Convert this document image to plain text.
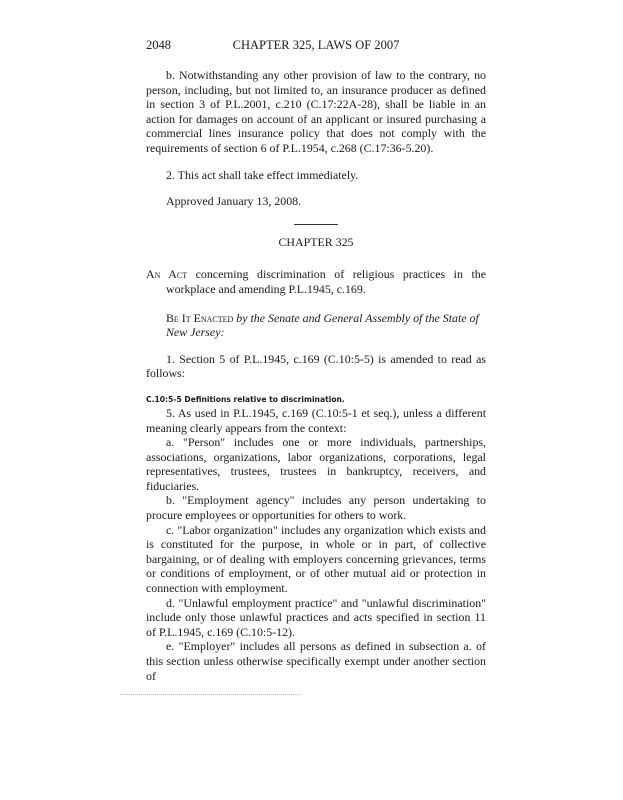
2048	CHAPTER 325, LAWS OF 2007

b. Notwithstanding any other provision of law to the contrary, no person, including, but not limited to, an insurance producer as defined in section 3 of P.L.2001, c.210 (C.17:22A-28), shall be liable in an action for damages on account of an applicant or insured purchasing a commercial lines insurance policy that does not comply with the requirements of section 6 of P.L.1954, c.268 (C.17:36-5.20).

2. This act shall take effect immediately.

Approved January 13, 2008.

CHAPTER 325

An Act concerning discrimination of religious practices in the workplace and amending P.L.1945, c.169.

Be It Enacted by the Senate and General Assembly of the State of New Jersey:

1. Section 5 of P.L.1945, c.169 (C.10:5-5) is amended to read as follows:

C.10:5-5 Definitions relative to discrimination.

5. As used in P.L.1945, c.169 (C.10:5-1 et seq.), unless a different meaning clearly appears from the context:

a. "Person" includes one or more individuals, partnerships, associations, organizations, labor organizations, corporations, legal representatives, trustees, trustees in bankruptcy, receivers, and fiduciaries.

b. "Employment agency" includes any person undertaking to procure employees or opportunities for others to work.

c. "Labor organization" includes any organization which exists and is constituted for the purpose, in whole or in part, of collective bargaining, or of dealing with employers concerning grievances, terms or conditions of employment, or of other mutual aid or protection in connection with employment.

d. "Unlawful employment practice" and "unlawful discrimination" include only those unlawful practices and acts specified in section 11 of P.L.1945, c.169 (C.10:5-12).

e. "Employer" includes all persons as defined in subsection a. of this section unless otherwise specifically exempt under another section of
